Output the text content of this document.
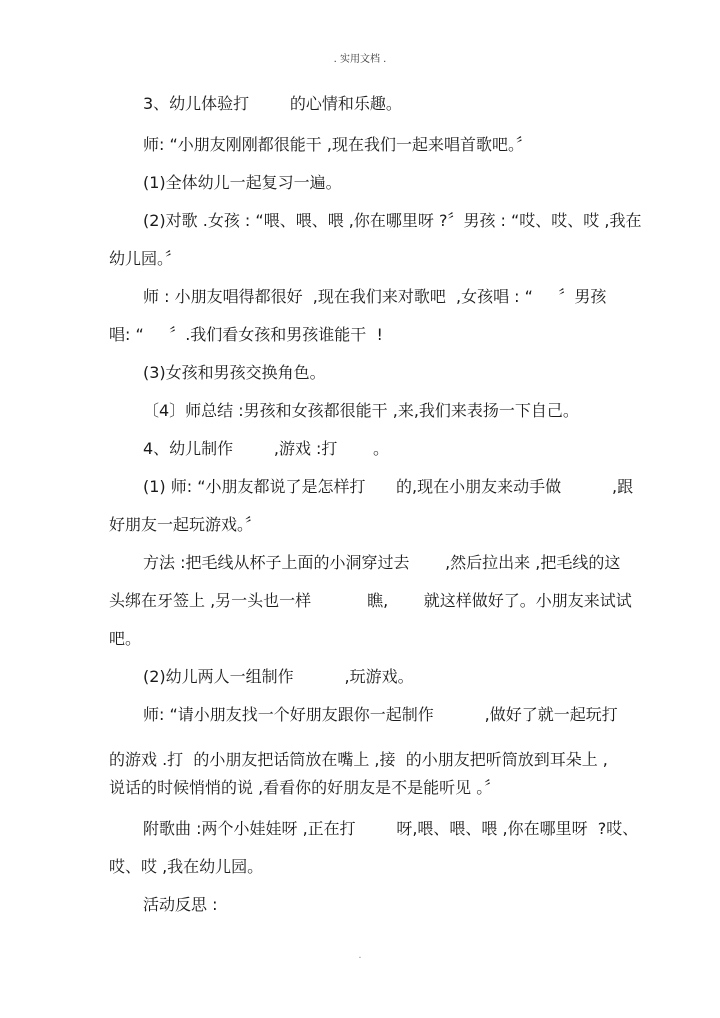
. 实用文档 .
3、幼儿体验打        的心情和乐趣。
师: “小朋友刚刚都很能干 ,现在我们一起来唱首歌吧。〞
(1)全体幼儿一起复习一遍。
(2)对歌 .女孩 : “喂、喂、喂 ,你在哪里呀 ?〞男孩 : “哎、哎、哎 ,我在
幼儿园。〞
师 : 小朋友唱得都很好  ,现在我们来对歌吧  ,女孩唱 : “     〞男孩
唱: “     〞.我们看女孩和男孩谁能干  !
(3)女孩和男孩交换角色。
〔4〕师总结 :男孩和女孩都很能干 ,来,我们来表扬一下自己。
4、幼儿制作        ,游戏 :打       。
(1) 师: “小朋友都说了是怎样打      的,现在小朋友来动手做          ,跟
好朋友一起玩游戏。〞
方法 :把毛线从杯子上面的小洞穿过去       ,然后拉出来 ,把毛线的这
头绑在牙签上 ,另一头也一样           瞧,       就这样做好了。小朋友来试试
吧。
(2)幼儿两人一组制作          ,玩游戏。
师: “请小朋友找一个好朋友跟你一起制作          ,做好了就一起玩打
的游戏 .打  的小朋友把话筒放在嘴上 ,接  的小朋友把听筒放到耳朵上 ,
说话的时候悄悄的说 ,看看你的好朋友是不是能听见 。〞
附歌曲 :两个小娃娃呀 ,正在打        呀,喂、喂、喂 ,你在哪里呀  ?哎、
哎、哎 ,我在幼儿园。
活动反思 :
.
